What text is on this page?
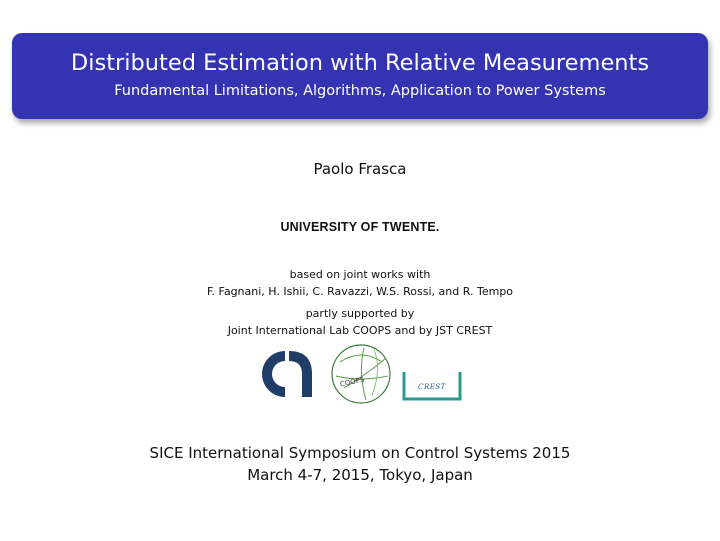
Distributed Estimation with Relative Measurements
Fundamental Limitations, Algorithms, Application to Power Systems
Paolo Frasca
UNIVERSITY OF TWENTE.
based on joint works with
F. Fagnani, H. Ishii, C. Ravazzi, W.S. Rossi, and R. Tempo
partly supported by
Joint International Lab COOPS and by JST CREST
COOPS	CREST
SICE International Symposium on Control Systems 2015
March 4-7, 2015, Tokyo, Japan
